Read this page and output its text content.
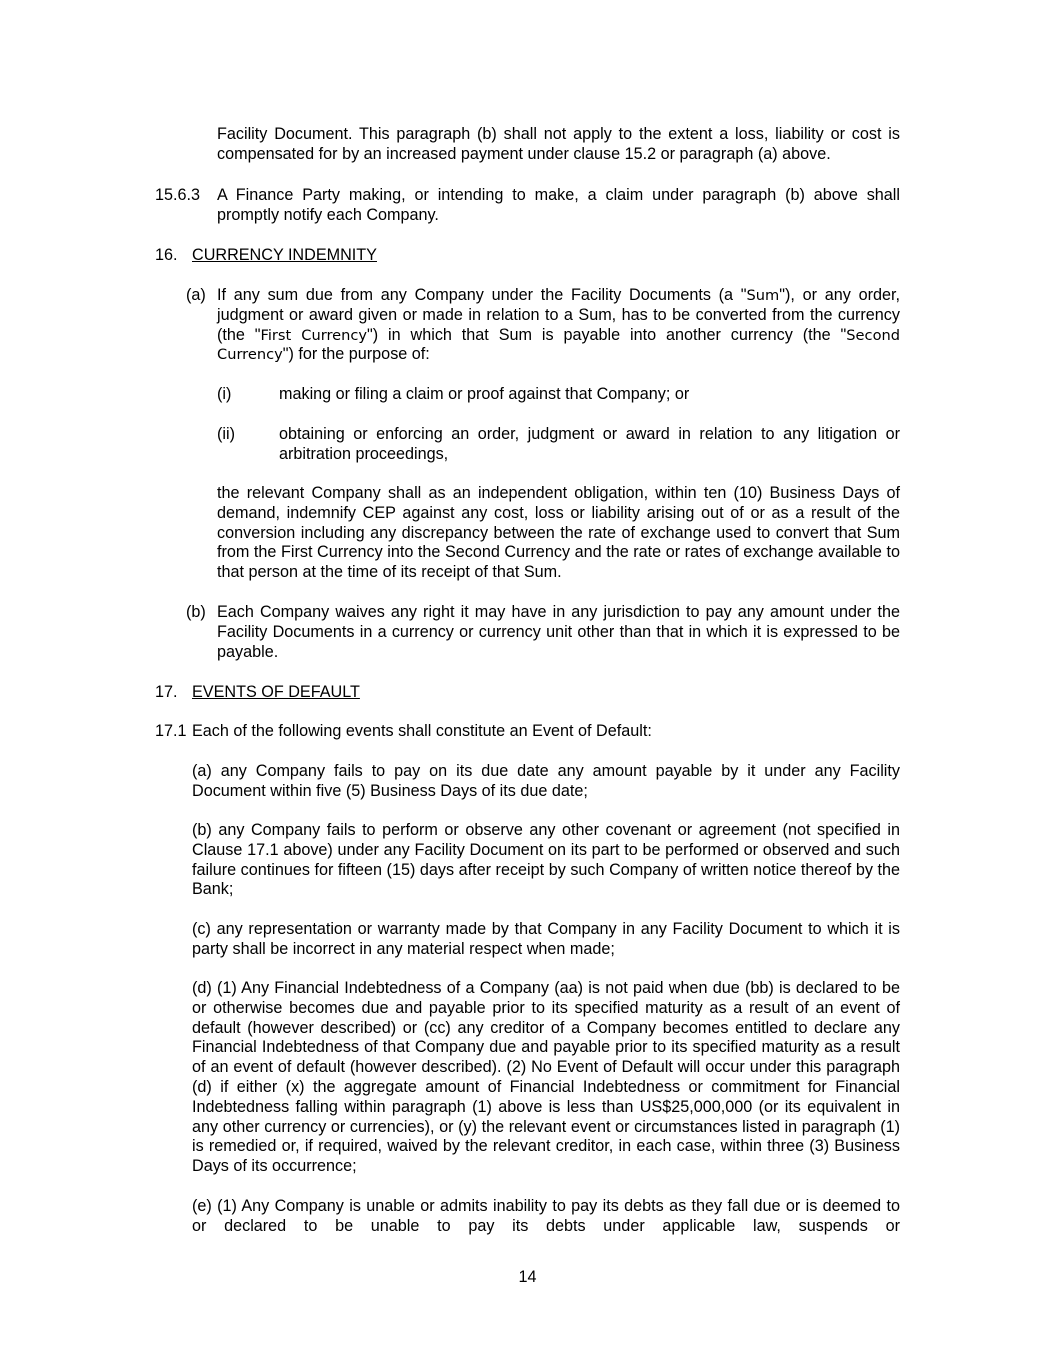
Facility Document. This paragraph (b) shall not apply to the extent a loss, liability or cost is compensated for by an increased payment under clause 15.2 or paragraph (a) above.

15.6.3 A Finance Party making, or intending to make, a claim under paragraph (b) above shall promptly notify each Company.

16. CURRENCY INDEMNITY
(a) If any sum due from any Company under the Facility Documents (a "Sum"), or any order, judgment or award given or made in relation to a Sum, has to be converted from the currency (the "First Currency") in which that Sum is payable into another currency (the "Second Currency") for the purpose of:

(i)	making or filing a claim or proof against that Company; or

(ii)	obtaining or enforcing an order, judgment or award in relation to any litigation or arbitration proceedings,

the relevant Company shall as an independent obligation, within ten (10) Business Days of demand, indemnify CEP against any cost, loss or liability arising out of or as a result of the conversion including any discrepancy between the rate of exchange used to convert that Sum from the First Currency into the Second Currency and the rate or rates of exchange available to that person at the time of its receipt of that Sum.

(b) Each Company waives any right it may have in any jurisdiction to pay any amount under the Facility Documents in a currency or currency unit other than that in which it is expressed to be payable.

17. EVENTS OF DEFAULT
17.1 Each of the following events shall constitute an Event of Default:

(a) any Company fails to pay on its due date any amount payable by it under any Facility Document within five (5) Business Days of its due date;

(b) any Company fails to perform or observe any other covenant or agreement (not specified in Clause 17.1 above) under any Facility Document on its part to be performed or observed and such failure continues for fifteen (15) days after receipt by such Company of written notice thereof by the Bank;

(c) any representation or warranty made by that Company in any Facility Document to which it is party shall be incorrect in any material respect when made;

(d) (1) Any Financial Indebtedness of a Company (aa) is not paid when due (bb) is declared to be or otherwise becomes due and payable prior to its specified maturity as a result of an event of default (however described) or (cc) any creditor of a Company becomes entitled to declare any Financial Indebtedness of that Company due and payable prior to its specified maturity as a result of an event of default (however described). (2) No Event of Default will occur under this paragraph (d) if either (x) the aggregate amount of Financial Indebtedness or commitment for Financial Indebtedness falling within paragraph (1) above is less than US$25,000,000 (or its equivalent in any other currency or currencies), or (y) the relevant event or circumstances listed in paragraph (1) is remedied or, if required, waived by the relevant creditor, in each case, within three (3) Business Days of its occurrence;

(e) (1) Any Company is unable or admits inability to pay its debts as they fall due or is deemed to or declared to be unable to pay its debts under applicable law, suspends or

14
